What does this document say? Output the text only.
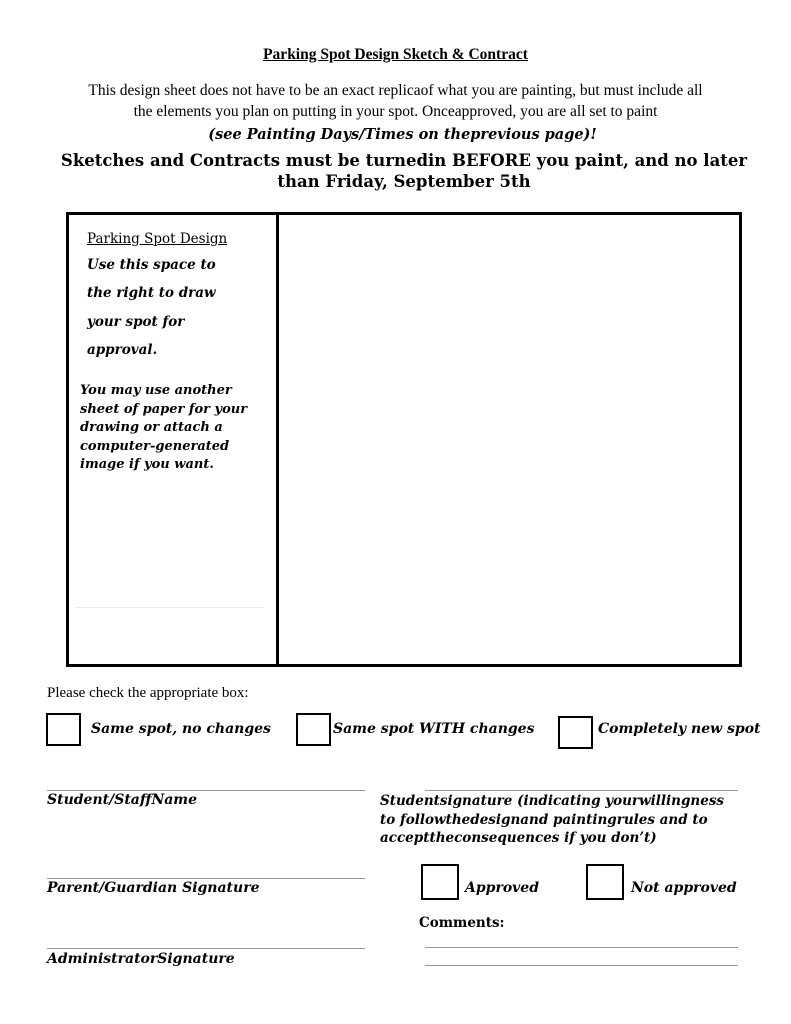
Parking Spot Design Sketch & Contract
This design sheet does not have to be an exact replicaof what you are painting, but must include all
the elements you plan on putting in your spot. Onceapproved, you are all set to paint
(see Painting Days/Times on theprevious page)!
Sketches and Contracts must be turnedin BEFORE you paint, and no later
than Friday, September 5th
Parking Spot Design
Use this space to
the right to draw
your spot for
approval.
You may use another
sheet of paper for your
drawing or attach a
computer-generated
image if you want.
Please check the appropriate box:
Same spot, no changes	Same spot WITH changes	Completely new spot
Student/StaffName	Studentsignature (indicating yourwillingness
to followthedesignand paintingrules and to
accepttheconsequences if you don’t)
Parent/Guardian Signature	Approved	Not approved
Comments:
AdministratorSignature
